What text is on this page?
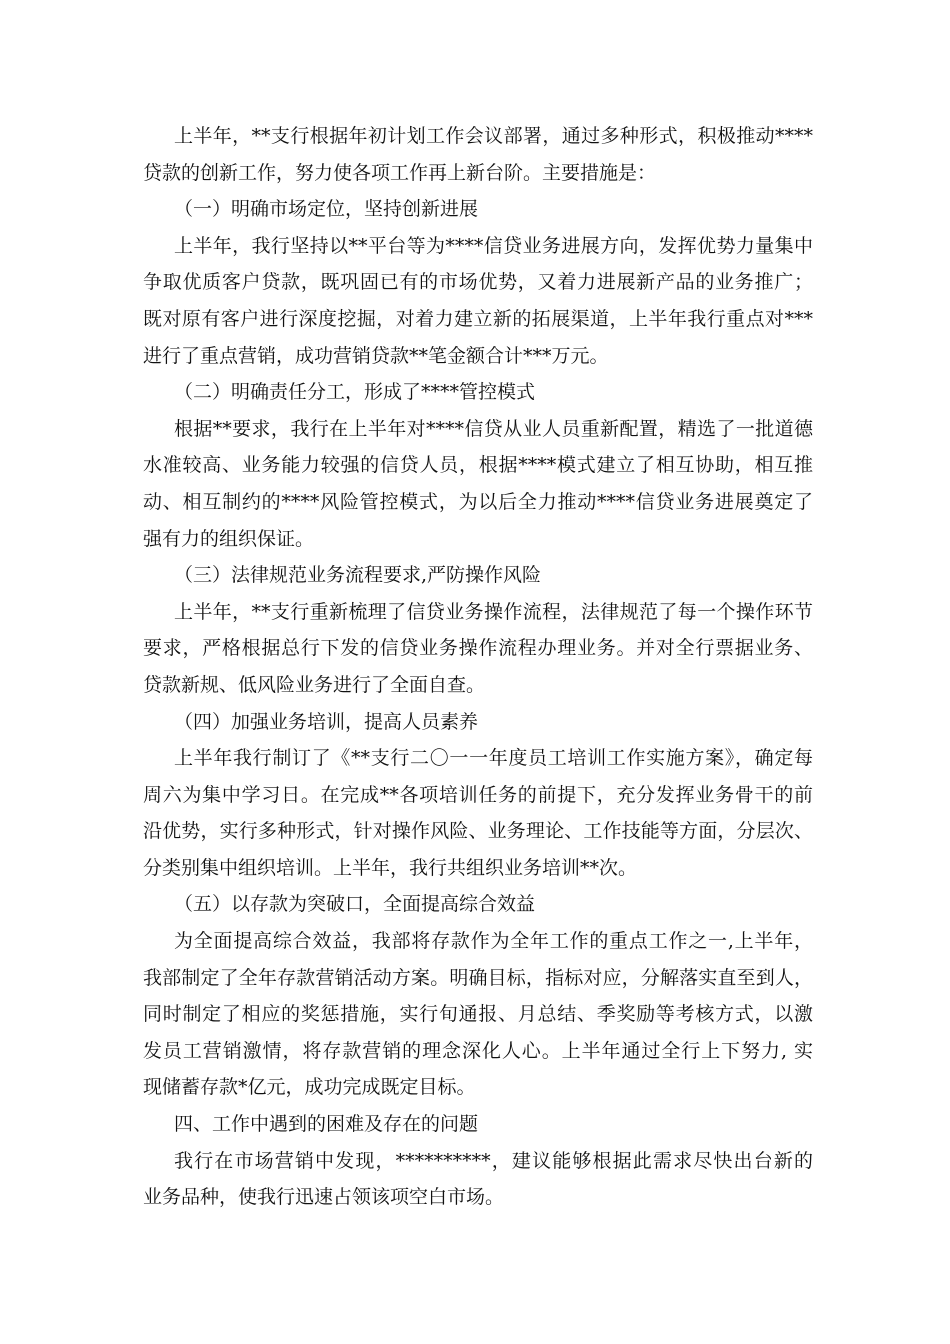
上半年，**支行根据年初计划工作会议部署，通过多种形式，积极推动****
贷款的创新工作，努力使各项工作再上新台阶。主要措施是：
（一）明确市场定位，坚持创新进展
上半年，我行坚持以**平台等为****信贷业务进展方向，发挥优势力量集中
争取优质客户贷款，既巩固已有的市场优势，又着力进展新产品的业务推广；
既对原有客户进行深度挖掘，对着力建立新的拓展渠道，上半年我行重点对***
进行了重点营销，成功营销贷款**笔金额合计***万元。
（二）明确责任分工，形成了****管控模式
根据**要求，我行在上半年对****信贷从业人员重新配置，精选了一批道德
水准较高、业务能力较强的信贷人员，根据****模式建立了相互协助，相互推
动、相互制约的****风险管控模式，为以后全力推动****信贷业务进展奠定了
强有力的组织保证。
（三）法律规范业务流程要求,严防操作风险
上半年，**支行重新梳理了信贷业务操作流程，法律规范了每一个操作环节
要求，严格根据总行下发的信贷业务操作流程办理业务。并对全行票据业务、
贷款新规、低风险业务进行了全面自查。
（四）加强业务培训，提高人员素养
上半年我行制订了《**支行二〇一一年度员工培训工作实施方案》，确定每
周六为集中学习日。在完成**各项培训任务的前提下，充分发挥业务骨干的前
沿优势，实行多种形式，针对操作风险、业务理论、工作技能等方面，分层次、
分类别集中组织培训。上半年，我行共组织业务培训**次。
（五）以存款为突破口，全面提高综合效益
为全面提高综合效益，我部将存款作为全年工作的重点工作之一,上半年，
我部制定了全年存款营销活动方案。明确目标，指标对应，分解落实直至到人，
同时制定了相应的奖惩措施，实行旬通报、月总结、季奖励等考核方式，以激
发员工营销激情，将存款营销的理念深化人心。上半年通过全行上下努力, 实
现储蓄存款*亿元，成功完成既定目标。
四、工作中遇到的困难及存在的问题
我行在市场营销中发现，**********，建议能够根据此需求尽快出台新的
业务品种，使我行迅速占领该项空白市场。
